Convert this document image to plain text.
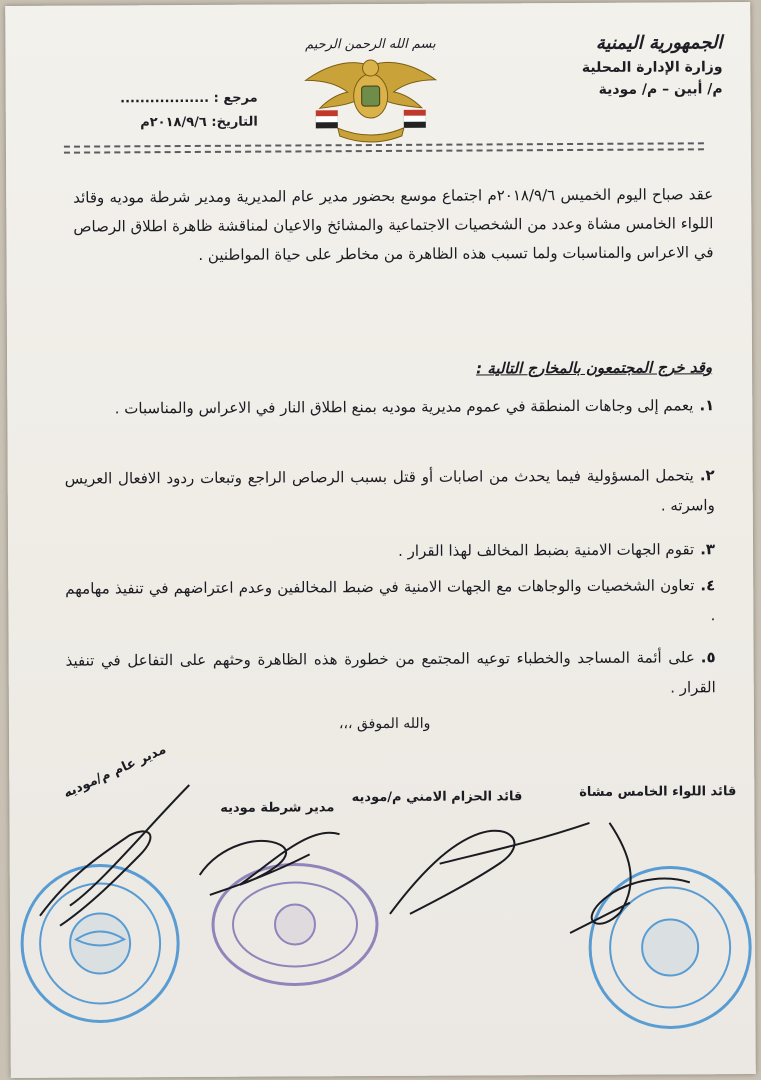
الجمهورية اليمنية
وزارة الإدارة المحلية
م/ أبين – م/ مودية
بسم الله الرحمن الرحيم
مرجع : ..................
التاريخ: ٢٠١٨/٩/٦م
عقد صباح اليوم الخميس ٢٠١٨/٩/٦م اجتماع موسع بحضور مدير عام المديرية ومدير شرطة موديه وقائد اللواء الخامس مشاة وعدد من الشخصيات الاجتماعية والمشائخ والاعيان لمناقشة ظاهرة اطلاق الرصاص في الاعراس والمناسبات ولما تسبب هذه الظاهرة من مخاطر على حياة المواطنين .
وقد خرج المجتمعون بالمخارج التالية :
١.يعمم إلى وجاهات المنطقة في عموم مديرية موديه بمنع اطلاق النار في الاعراس والمناسبات .
٢.يتحمل المسؤولية فيما يحدث من اصابات أو قتل بسبب الرصاص الراجع وتبعات ردود الافعال العريس واسرته .
٣.تقوم الجهات الامنية بضبط المخالف لهذا القرار .
٤.تعاون الشخصيات والوجاهات مع الجهات الامنية في ضبط المخالفين وعدم اعتراضهم في تنفيذ مهامهم .
٥.على أئمة المساجد والخطباء توعيه المجتمع من خطورة هذه الظاهرة وحثهم على التفاعل في تنفيذ القرار .
والله الموفق ،،،
قائد اللواء الخامس مشاة
قائد الحزام الامني م/موديه
مدير شرطة موديه
مدير عام م/موديه
